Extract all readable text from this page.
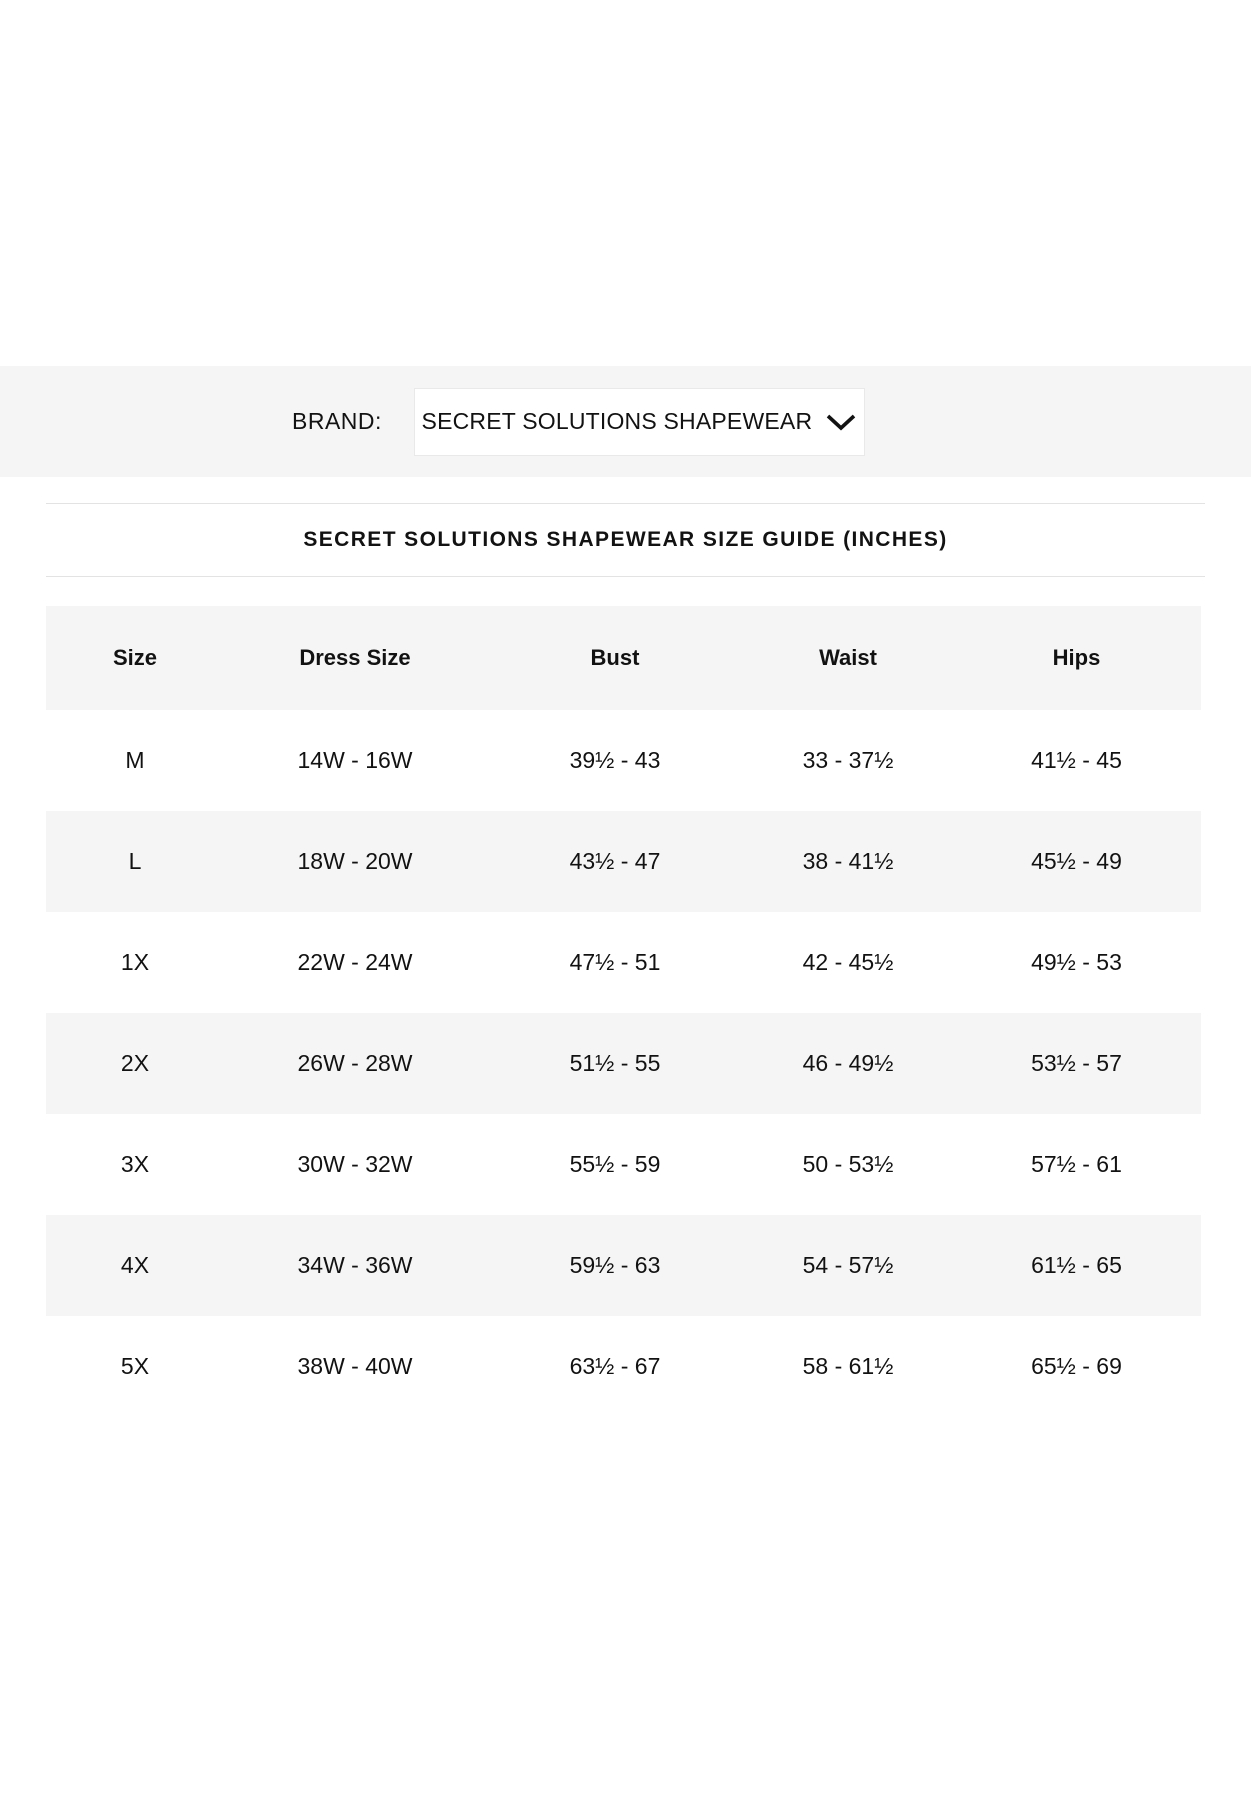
BRAND: SECRET SOLUTIONS SHAPEWEAR
SECRET SOLUTIONS SHAPEWEAR SIZE GUIDE (INCHES)
Size	Dress Size	Bust	Waist	Hips
M	14W - 16W	39½ - 43	33 - 37½	41½ - 45
L	18W - 20W	43½ - 47	38 - 41½	45½ - 49
1X	22W - 24W	47½ - 51	42 - 45½	49½ - 53
2X	26W - 28W	51½ - 55	46 - 49½	53½ - 57
3X	30W - 32W	55½ - 59	50 - 53½	57½ - 61
4X	34W - 36W	59½ - 63	54 - 57½	61½ - 65
5X	38W - 40W	63½ - 67	58 - 61½	65½ - 69
